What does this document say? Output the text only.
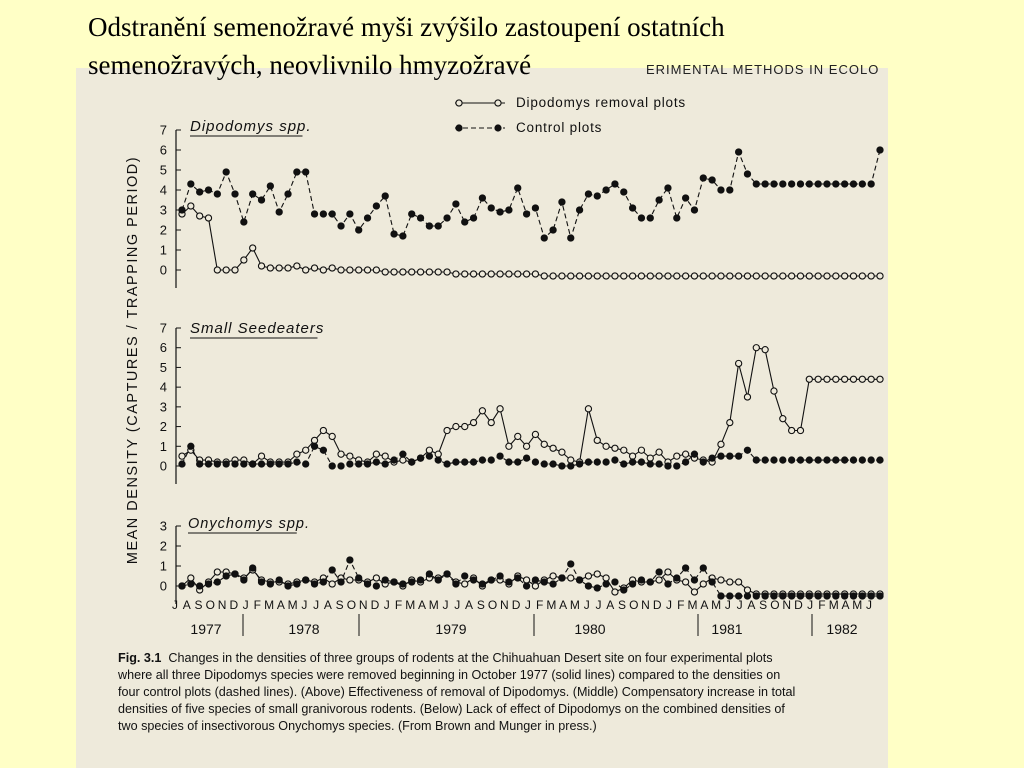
Odstranění semenožravé myši zvýšilo zastoupení ostatních
semenožravých, neovlivnilo hmyzožravé	ERIMENTAL METHODS IN ECOLO
0
1
2
3
4
5
6
7 Dipodomys spp.
0
1
2
3
4
5
6
7 Small Seedeaters
0
1
2
3 Onychomys spp.
J A S O N D J F M A M J J A S O N D J F M A M J J A S O N D J F M A M J J A S O N D J F M A M J J A S O N D J F M A M J
1977	1978	1979	1980	1981	1982
MEAN DENSITY (CAPTURES / TRAPPING PERIOD)
Dipodomys removal plots
Control plots
Fig. 3.1 Changes in the densities of three groups of rodents at the Chihuahuan Desert site on four experimental plots where all three Dipodomys species were removed beginning in October 1977 (solid lines) compared to the densities on four control plots (dashed lines). (Above) Effectiveness of removal of Dipodomys. (Middle) Compensatory increase in total densities of five species of small granivorous rodents. (Below) Lack of effect of Dipodomys on the combined densities of two species of insectivorous Onychomys species. (From Brown and Munger in press.)
